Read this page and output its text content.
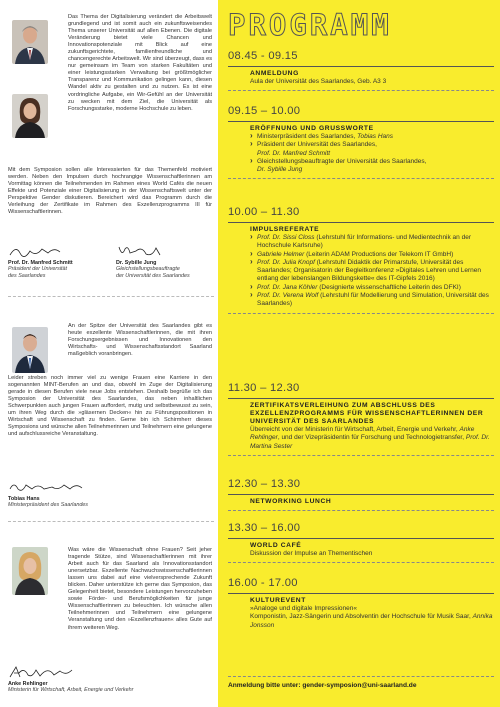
Das Thema der Digitalisierung verändert die Arbeitswelt grundlegend und ist somit auch ein zukunftsweisendes Thema unserer Universität auf allen Ebenen. Die digitale Veränderung bietet viele Chancen und Innovationspotenziale mit Blick auf eine zukunftsgerichtete, familienfreundliche und chancengerechte Arbeitswelt. Wir sind überzeugt, dass es nur gemeinsam im Team von starken Fakultäten und einer leistungsstarken Verwaltung bei größtmöglicher Transparenz und Kommunikation gelingen kann, diesen Wandel aktiv zu gestalten und zu nutzen. Es ist eine vordringliche Aufgabe, ein Wir-Gefühl an der Universität zu wecken mit dem Ziel, die Universität als Forschungsstarke, moderne Hochschule zu leben.
Mit dem Symposion sollen alle Interessierten für das Themenfeld motiviert werden. Neben den Impulsen durch hochrangige Wissenschaftlerinnen am Vormittag können die Teilnehmenden im Rahmen eines World Cafés die neuen Effekte und Potenziale einer Digitalisierung in der Wissenschaftswelt unter der Perspektive Gender diskutieren. Bereichert wird das Programm durch die Verleihung der Zertifikate im Rahmen des Exzellenzprogramms III für Wissenschaftlerinnen.
Prof. Dr. Manfred Schmitt
Präsident der Universität
des Saarlandes
Dr. Sybille Jung
Gleichstellungsbeauftragte
der Universität des Saarlandes
An der Spitze der Universität des Saarlandes gibt es heute exzellente Wissenschaftlerinnen, die mit ihren Forschungsergebnissen und Innovationen den Wirtschafts- und Wissenschaftsstandort Saarland maßgeblich voranbringen.
Leider streben noch immer viel zu wenige Frauen eine Karriere in den sogenannten MINT-Berufen an und das, obwohl im Zuge der Digitalisierung gerade in diesen Berufen viele neue Jobs entstehen. Deshalb begrüße ich das Symposion der Universität des Saarlandes, das neben inhaltlichen Schwerpunkten auch jungen Frauen auffordert, mutig und selbstbewusst zu sein, um ihren Weg durch die »gläsernen Decken« hin zu Führungspositionen in Wirtschaft und Wissenschaft zu finden. Gerne bin ich Schirmherr dieses Symposions und wünsche allen Teilnehmerinnen und Teilnehmern eine gelungene und aufschlussreiche Veranstaltung.
Tobias Hans
Ministerpräsident des Saarlandes
Was wäre die Wissenschaft ohne Frauen? Seit jeher tragende Stütze, sind Wissenschaftlerinnen mit ihrer Arbeit auch für das Saarland als Innovationsstandort unersetzbar. Exzellente Nachwuchswissenschaftlerinnen lassen uns dabei auf eine vielversprechende Zukunft blicken. Daher unterstütze ich gerne das Symposion, das Gelegenheit bietet, besondere Leistungen hervorzuheben sowie Förder- und Berufsmöglichkeiten für junge Wissenschaftlerinnen zu beleuchten. Ich wünsche allen Teilnehmerinnen und Teilnehmern eine gelungene Veranstaltung und den »Exzellenzfrauen« alles Gute auf ihrem weiteren Weg.
Anke Rehlinger
Ministerin für Wirtschaft, Arbeit, Energie und Verkehr
PROGRAMM
08.45 - 09.15
ANMELDUNG
Aula der Universität des Saarlandes, Geb. A3 3
09.15 – 10.00
ERÖFFNUNG UND GRUSSWORTE
› Ministerpräsident des Saarlandes, Tobias Hans
› Präsident der Universität des Saarlandes,
Prof. Dr. Manfred Schmitt
› Gleichstellungsbeauftragte der Universität des Saarlandes,
Dr. Sybille Jung
10.00 – 11.30
IMPULSREFERATE
› Prof. Dr. Sissi Closs (Lehrstuhl für Informations- und Medientechnik an der Hochschule Karlsruhe)
› Gabriele Helmer (Leiterin ADAM Productions der Telekom IT GmbH)
› Prof. Dr. Julia Knopf (Lehrstuhl Didaktik der Primarstufe, Universität des Saarlandes; Organisatorin der Begleitkonferenz »Digitales Lehren und Lernen entlang der lebenslangen Bildungskette« des IT-Gipfels 2016)
› Prof. Dr. Jana Köhler (Designierte wissenschaftliche Leiterin des DFKI)
› Prof. Dr. Verena Wolf (Lehrstuhl für Modellierung und Simulation, Universität des Saarlandes)
11.30 – 12.30
ZERTIFIKATSVERLEIHUNG ZUM ABSCHLUSS DES EXZELLENZPROGRAMMS FÜR WISSENSCHAFTLERINNEN DER UNIVERSITÄT DES SAARLANDES
Überreicht von der Ministerin für Wirtschaft, Arbeit, Energie und Verkehr, Anke Rehlinger, und der Vizepräsidentin für Forschung und Technologietransfer, Prof. Dr. Martina Sester
12.30 – 13.30
NETWORKING LUNCH
13.30 – 16.00
WORLD CAFÉ
Diskussion der Impulse an Thementischen
16.00 - 17.00
KULTUREVENT
»Analoge und digitale Impressionen«
Komponistin, Jazz-Sängerin und Absolventin der Hochschule für Musik Saar, Annika Jonsson
Anmeldung bitte unter: gender-symposion@uni-saarland.de
